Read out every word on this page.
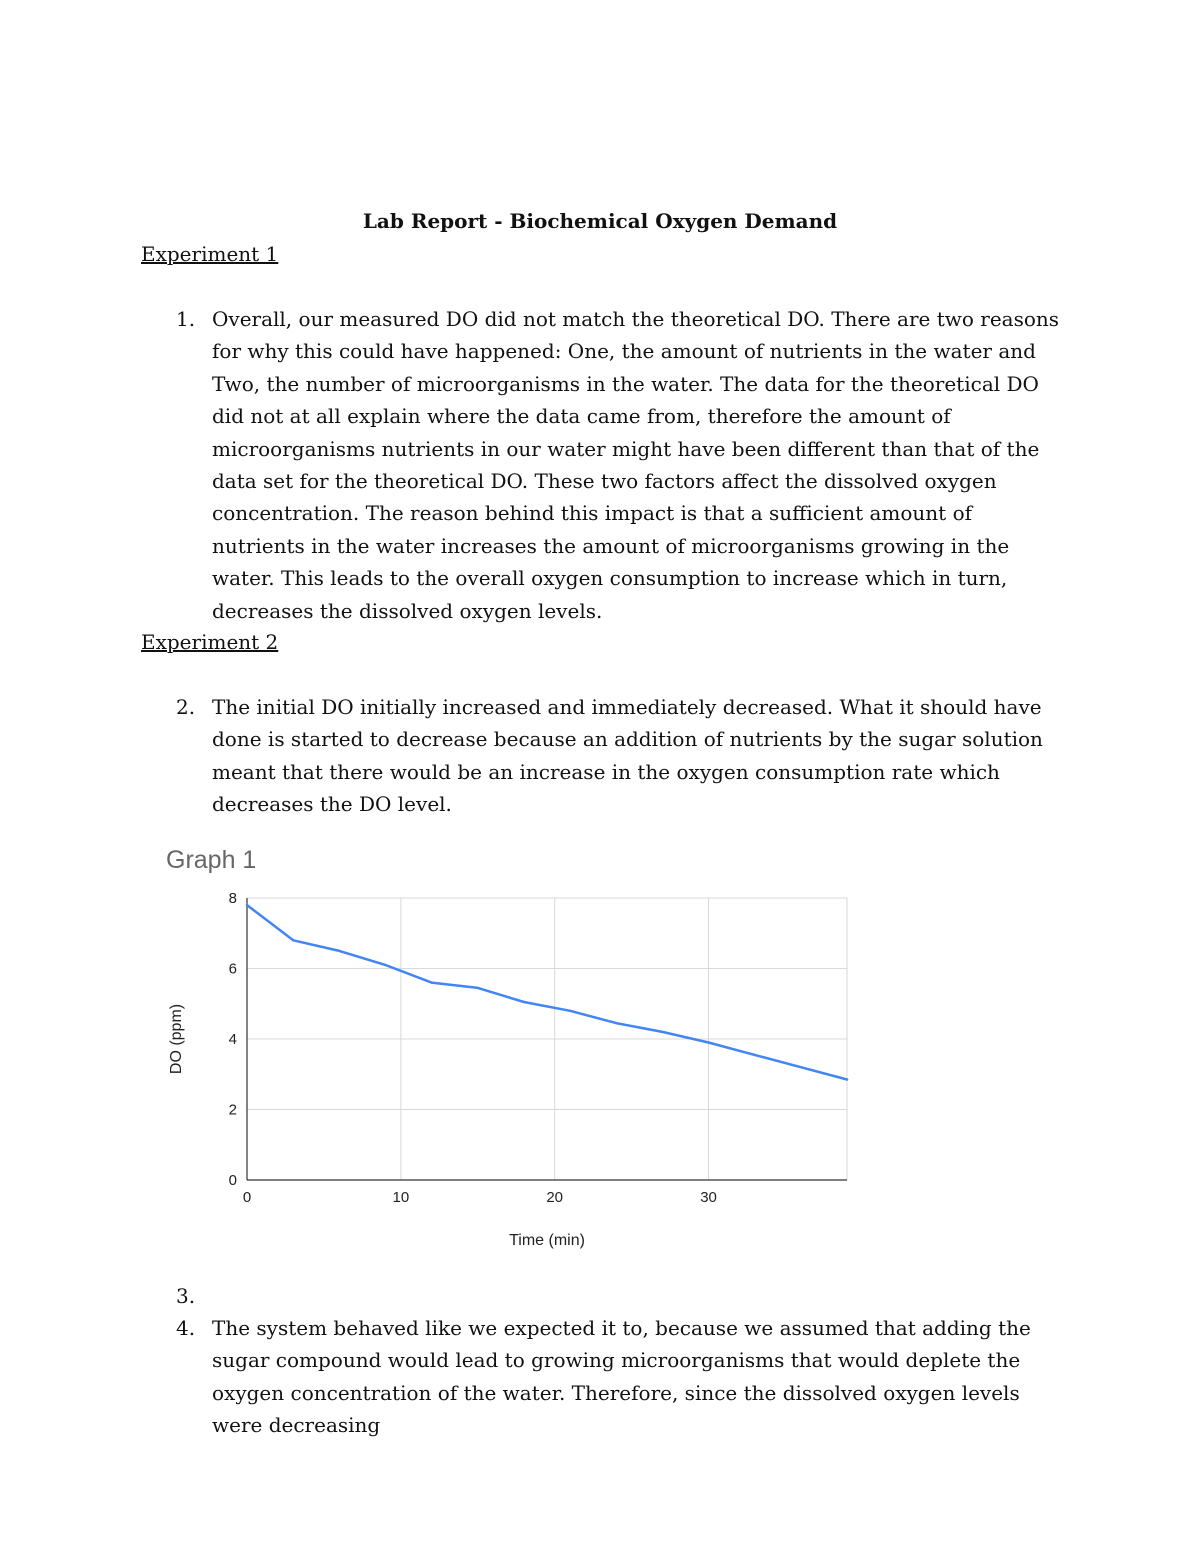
Lab Report - Biochemical Oxygen Demand
Experiment 1
1. Overall, our measured DO did not match the theoretical DO. There are two reasons for why this could have happened: One, the amount of nutrients in the water and Two, the number of microorganisms in the water. The data for the theoretical DO did not at all explain where the data came from, therefore the amount of microorganisms nutrients in our water might have been different than that of the data set for the theoretical DO. These two factors affect the dissolved oxygen concentration. The reason behind this impact is that a sufficient amount of nutrients in the water increases the amount of microorganisms growing in the water. This leads to the overall oxygen consumption to increase which in turn, decreases the dissolved oxygen levels.
Experiment 2
2. The initial DO initially increased and immediately decreased. What it should have done is started to decrease because an addition of nutrients by the sugar solution meant that there would be an increase in the oxygen consumption rate which decreases the DO level.
Graph 1
0
2
4
6
8
0	10	20	30
Time (min)
DO (ppm)
3.
4. The system behaved like we expected it to, because we assumed that adding the sugar compound would lead to growing microorganisms that would deplete the oxygen concentration of the water. Therefore, since the dissolved oxygen levels were decreasing
